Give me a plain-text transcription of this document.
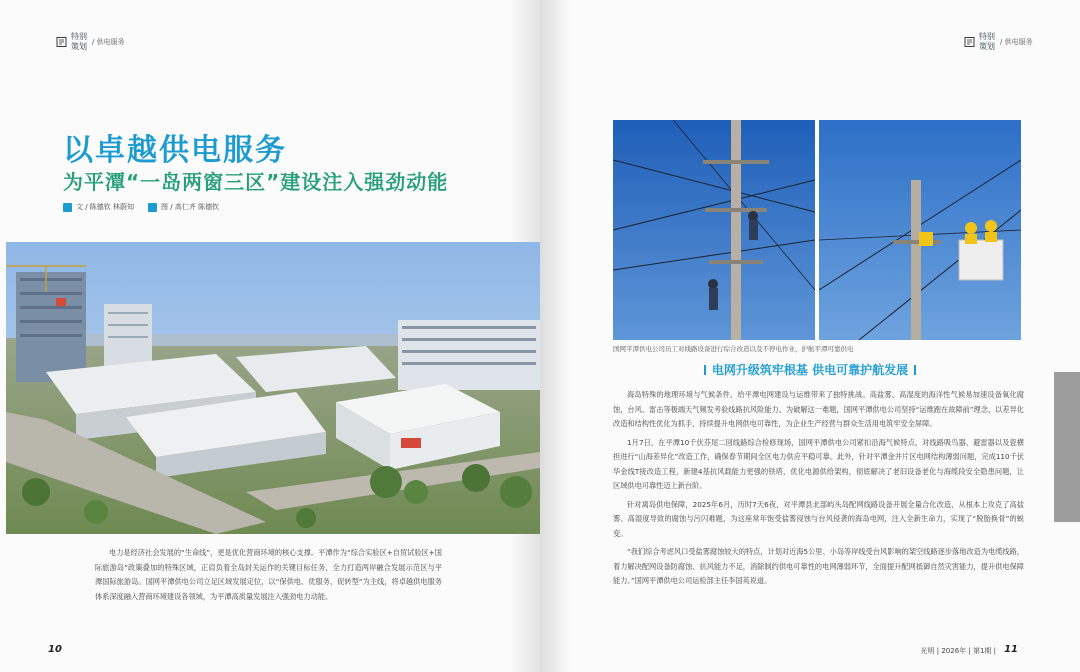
特别 策划 / 供电服务
以卓越供电服务
为平潭“一岛两窗三区”建设注入强劲动能
文 / 陈德钦 林蔚知	图 / 高仁齐 陈德钦
电力是经济社会发展的“生命线”，更是优化营商环境的核心支撑。平潭作为“综合实验区+自贸试验区+国际旅游岛”政策叠加的特殊区域，正肩负着全岛封关运作的关键目标任务，全力打造两岸融合发展示范区与平潭国际旅游岛。国网平潭供电公司立足区域发展定位，以“保供电、优服务、促转型”为主线，将卓越供电服务体系深度融入营商环境建设各领域，为平潭高质量发展注入强劲电力动能。
10
特别 策划 / 供电服务
国网平潭供电公司员工对线路设备进行综合改造以及不停电作业，护航平潭可靠供电
电网升级筑牢根基 供电可靠护航发展

海岛特殊的地理环境与气候条件，给平潭电网建设与运维带来了独特挑战。高盐雾、高湿度的海洋性气候易加速设备氧化腐蚀，台风、雷击等极端天气频发考验线路抗风险能力。为破解这一难题，国网平潭供电公司坚持“运维跑在故障前”理念，以差异化改造和结构性优化为抓手，持续提升电网供电可靠性，为企业生产经营与群众生活用电筑牢安全屏障。

1月7日，在平潭10千伏芬尾二回线路综合检修现场，国网平潭供电公司紧扣沿海气候特点，对线路吸鸟器、避雷器以及瓷横担进行“山海差异化”改造工作，确保春节期间全区电力供应平稳可靠。此外，针对平潭金井片区电网结构薄弱问题，完成110千伏华金线T接改造工程，新建4基抗风载能力更强的铁塔，优化电源供给架构，彻底解决了老旧设备老化与海缆段安全隐患问题，让区域供电可靠性迈上新台阶。

针对离岛供电保障，2025年6月，历时7天6夜，对平潭县北部屿头岛配网线路设备开展全量合化改造，从根本上攻克了高盐雾、高湿度导致的腐蚀与污闪难题，为这座常年饱受盐雾侵蚀与台风侵袭的海岛电网，注入全新生命力，实现了“脱胎换骨”的蜕变。

“我们综合考虑风口受盐雾腐蚀较大的特点，计划对近海5公里、小岛等岸线受台风影响的架空线路逐步落地改造为电缆线路，着力解决配网设备防腐蚀、抗风能力不足，消除制约供电可靠性的电网薄弱环节，全面提升配网抵御自然灾害能力，提升供电保障能力。”国网平潭供电公司运检部主任李国英说道。

光明 | 2026年 | 第1期 | 11
